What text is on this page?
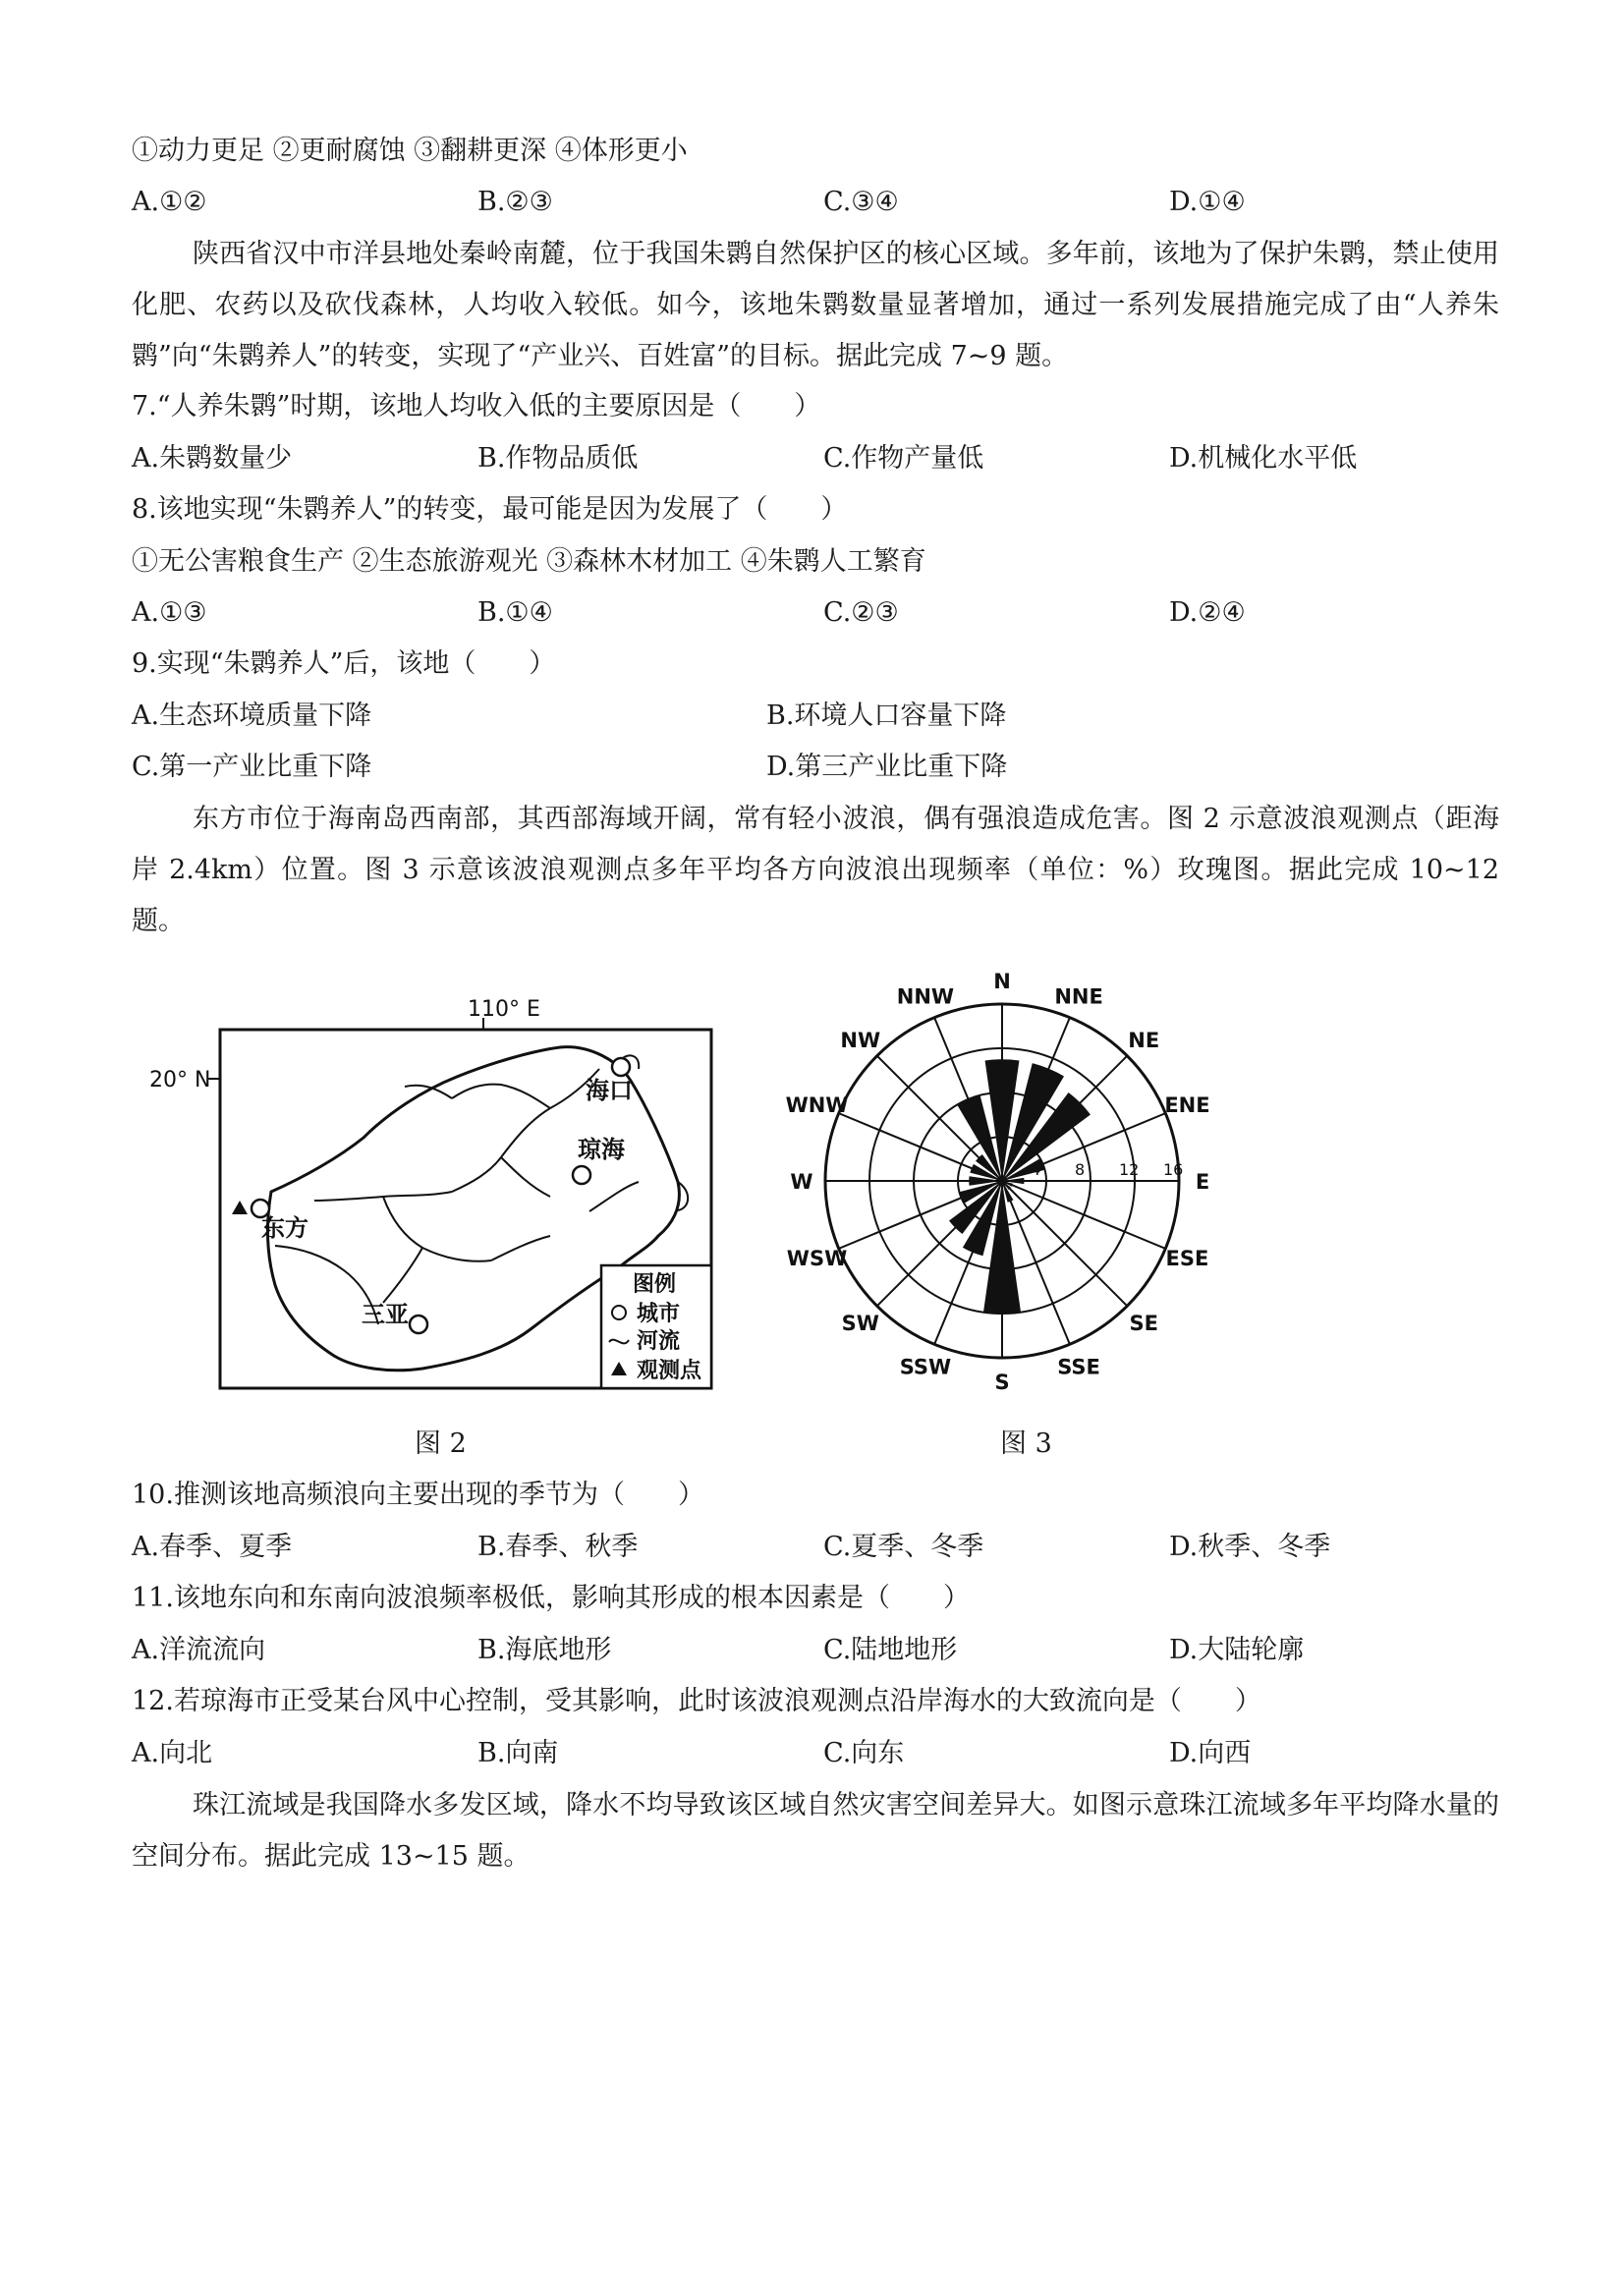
①动力更足 ②更耐腐蚀 ③翻耕更深 ④体形更小
A.①②	B.②③	C.③④	D.①④
陕西省汉中市洋县地处秦岭南麓，位于我国朱鹮自然保护区的核心区域。多年前，该地为了保护朱鹮，禁止使用化肥、农药以及砍伐森林，人均收入较低。如今，该地朱鹮数量显著增加，通过一系列发展措施完成了由“人养朱鹮”向“朱鹮养人”的转变，实现了“产业兴、百姓富”的目标。据此完成 7~9 题。
7.“人养朱鹮”时期，该地人均收入低的主要原因是（　　）
A.朱鹮数量少	B.作物品质低	C.作物产量低	D.机械化水平低
8.该地实现“朱鹮养人”的转变，最可能是因为发展了（　　）
①无公害粮食生产 ②生态旅游观光 ③森林木材加工 ④朱鹮人工繁育
A.①③	B.①④	C.②③	D.②④
9.实现“朱鹮养人”后，该地（　　）
A.生态环境质量下降	B.环境人口容量下降
C.第一产业比重下降	D.第三产业比重下降
东方市位于海南岛西南部，其西部海域开阔，常有轻小波浪，偶有强浪造成危害。图 2 示意波浪观测点（距海岸 2.4km）位置。图 3 示意该波浪观测点多年平均各方向波浪出现频率（单位：%）玫瑰图。据此完成 10~12 题。
110° E
20° N	海口
琼海
东方
三亚
图例
城市
河流
观测点
图 2
4 8 12 16
N
NNE
NE
ENE
E
ESE
SE
SSE
S
SSW
SW
WSW
W
WNW
NW
NNW
图 3
10.推测该地高频浪向主要出现的季节为（　　）
A.春季、夏季	B.春季、秋季	C.夏季、冬季	D.秋季、冬季
11.该地东向和东南向波浪频率极低，影响其形成的根本因素是（　　）
A.洋流流向	B.海底地形	C.陆地地形	D.大陆轮廓
12.若琼海市正受某台风中心控制，受其影响，此时该波浪观测点沿岸海水的大致流向是（　　）
A.向北	B.向南	C.向东	D.向西
珠江流域是我国降水多发区域，降水不均导致该区域自然灾害空间差异大。如图示意珠江流域多年平均降水量的空间分布。据此完成 13~15 题。
